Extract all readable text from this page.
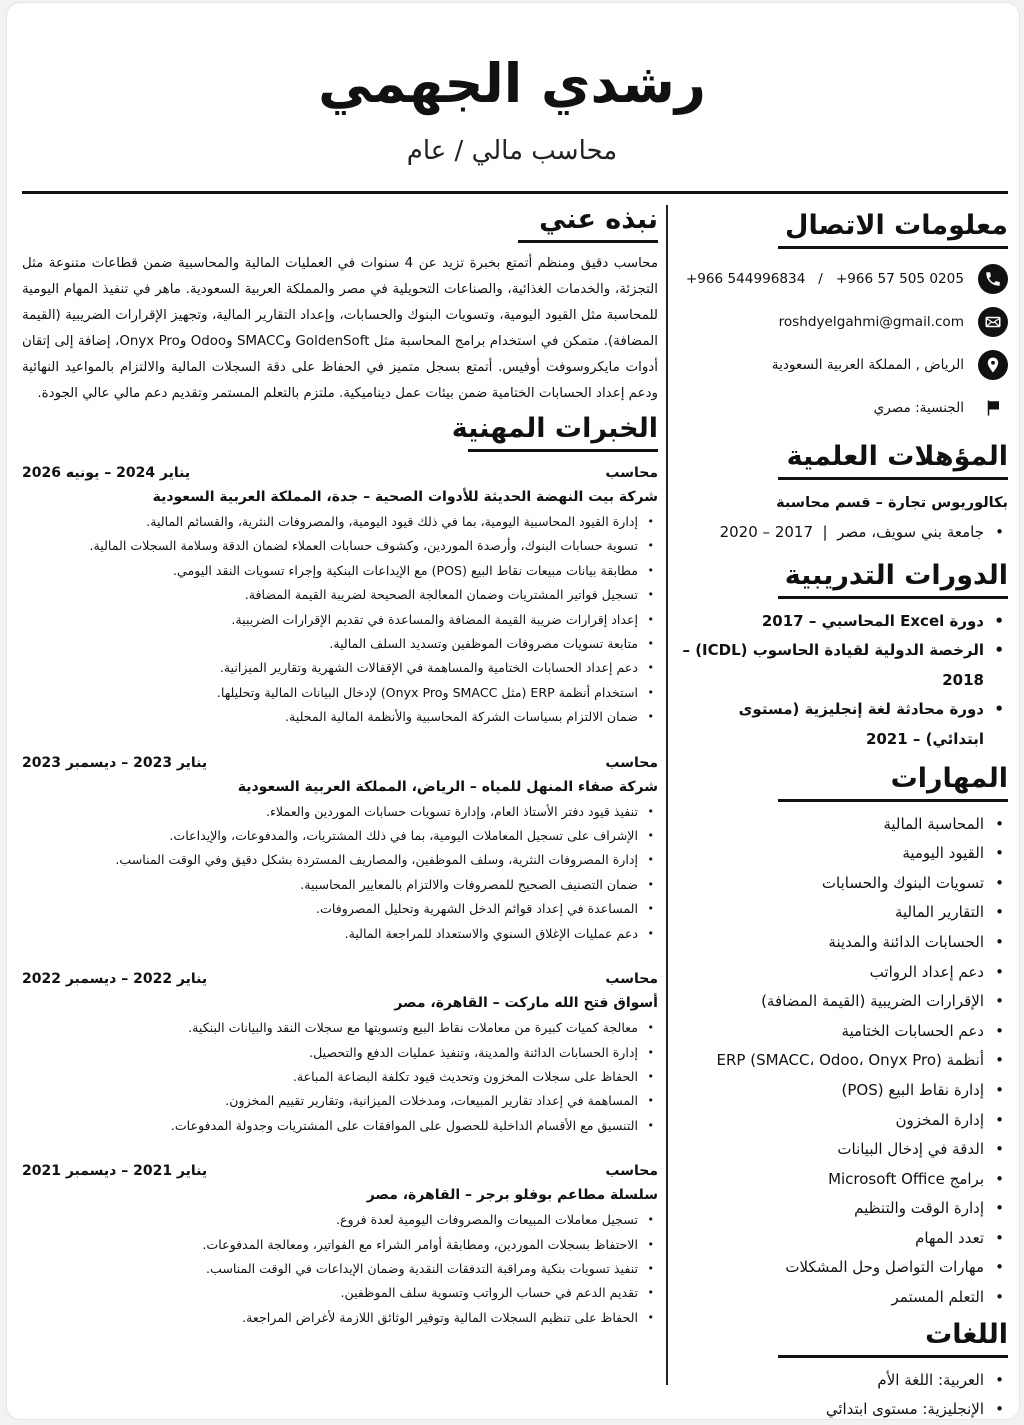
رشدي الجهمي
محاسب مالي / عام
نبذه عني

محاسب دقيق ومنظم أتمتع بخبرة تزيد عن 4 سنوات في العمليات المالية والمحاسبية ضمن قطاعات متنوعة مثل التجزئة، والخدمات الغذائية، والصناعات التحويلية في مصر والمملكة العربية السعودية. ماهر في تنفيذ المهام اليومية للمحاسبة مثل القيود اليومية، وتسويات البنوك والحسابات، وإعداد التقارير المالية، وتجهيز الإقرارات الضريبية (القيمة المضافة). متمكن في استخدام برامج المحاسبة مثل GoldenSoft وSMACC وOdoo وOnyx Pro، إضافة إلى إتقان أدوات مايكروسوفت أوفيس. أتمتع بسجل متميز في الحفاظ على دقة السجلات المالية والالتزام بالمواعيد النهائية ودعم إعداد الحسابات الختامية ضمن بيئات عمل ديناميكية. ملتزم بالتعلم المستمر وتقديم دعم مالي عالي الجودة.

الخبرات المهنية
محاسب
يناير 2024 – يونيه 2026
شركة بيت النهضة الحديثة للأدوات الصحية – جدة، المملكة العربية السعودية
• إدارة القيود المحاسبية اليومية، بما في ذلك قيود اليومية، والمصروفات النثرية، والقسائم المالية.
• تسوية حسابات البنوك، وأرصدة الموردين، وكشوف حسابات العملاء لضمان الدقة وسلامة السجلات المالية.
• مطابقة بيانات مبيعات نقاط البيع (POS) مع الإيداعات البنكية وإجراء تسويات النقد اليومي.
• تسجيل فواتير المشتريات وضمان المعالجة الصحيحة لضريبة القيمة المضافة.
• إعداد إقرارات ضريبة القيمة المضافة والمساعدة في تقديم الإقرارات الضريبية.
• متابعة تسويات مصروفات الموظفين وتسديد السلف المالية.
• دعم إعداد الحسابات الختامية والمساهمة في الإقفالات الشهرية وتقارير الميزانية.
• استخدام أنظمة ERP (مثل SMACC وOnyx Pro) لإدخال البيانات المالية وتحليلها.
• ضمان الالتزام بسياسات الشركة المحاسبية والأنظمة المالية المحلية.
محاسب
يناير 2023 – ديسمبر 2023
شركة صفاء المنهل للمياه – الرياض، المملكة العربية السعودية
• تنفيذ قيود دفتر الأستاذ العام، وإدارة تسويات حسابات الموردين والعملاء.
• الإشراف على تسجيل المعاملات اليومية، بما في ذلك المشتريات، والمدفوعات، والإيداعات.
• إدارة المصروفات النثرية، وسلف الموظفين، والمصاريف المستردة بشكل دقيق وفي الوقت المناسب.
• ضمان التصنيف الصحيح للمصروفات والالتزام بالمعايير المحاسبية.
• المساعدة في إعداد قوائم الدخل الشهرية وتحليل المصروفات.
• دعم عمليات الإغلاق السنوي والاستعداد للمراجعة المالية.
محاسب
يناير 2022 – ديسمبر 2022
أسواق فتح الله ماركت – القاهرة، مصر
• معالجة كميات كبيرة من معاملات نقاط البيع وتسويتها مع سجلات النقد والبيانات البنكية.
• إدارة الحسابات الدائنة والمدينة، وتنفيذ عمليات الدفع والتحصيل.
• الحفاظ على سجلات المخزون وتحديث قيود تكلفة البضاعة المباعة.
• المساهمة في إعداد تقارير المبيعات، ومدخلات الميزانية، وتقارير تقييم المخزون.
• التنسيق مع الأقسام الداخلية للحصول على الموافقات على المشتريات وجدولة المدفوعات.
محاسب
يناير 2021 – ديسمبر 2021
سلسلة مطاعم بوفلو برجر – القاهرة، مصر
• تسجيل معاملات المبيعات والمصروفات اليومية لعدة فروع.
• الاحتفاظ بسجلات الموردين، ومطابقة أوامر الشراء مع الفواتير، ومعالجة المدفوعات.
• تنفيذ تسويات بنكية ومراقبة التدفقات النقدية وضمان الإيداعات في الوقت المناسب.
• تقديم الدعم في حساب الرواتب وتسوية سلف الموظفين.
• الحفاظ على تنظيم السجلات المالية وتوفير الوثائق اللازمة لأغراض المراجعة.
معلومات الاتصال
+966 544996834   /   +966 57 505 0205
roshdyelgahmi@gmail.com
الرياض , المملكة العربية السعودية
الجنسية: مصري
المؤهلات العلمية
بكالوريوس تجارة – قسم محاسبة
• جامعة بني سويف، مصر  |  2017 – 2020
الدورات التدريبية
• دورة Excel المحاسبي – 2017
• الرخصة الدولية لقيادة الحاسوب (ICDL) – 2018
• دورة محادثة لغة إنجليزية (مستوى ابتدائي) – 2021
المهارات
• المحاسبة المالية
• القيود اليومية
• تسويات البنوك والحسابات
• التقارير المالية
• الحسابات الدائنة والمدينة
• دعم إعداد الرواتب
• الإقرارات الضريبية (القيمة المضافة)
• دعم الحسابات الختامية
• أنظمة ERP (SMACC، Odoo، Onyx Pro)
• إدارة نقاط البيع (POS)
• إدارة المخزون
• الدقة في إدخال البيانات
• برامج Microsoft Office
• إدارة الوقت والتنظيم
• تعدد المهام
• مهارات التواصل وحل المشكلات
• التعلم المستمر
اللغات
• العربية: اللغة الأم
• الإنجليزية: مستوى ابتدائي
